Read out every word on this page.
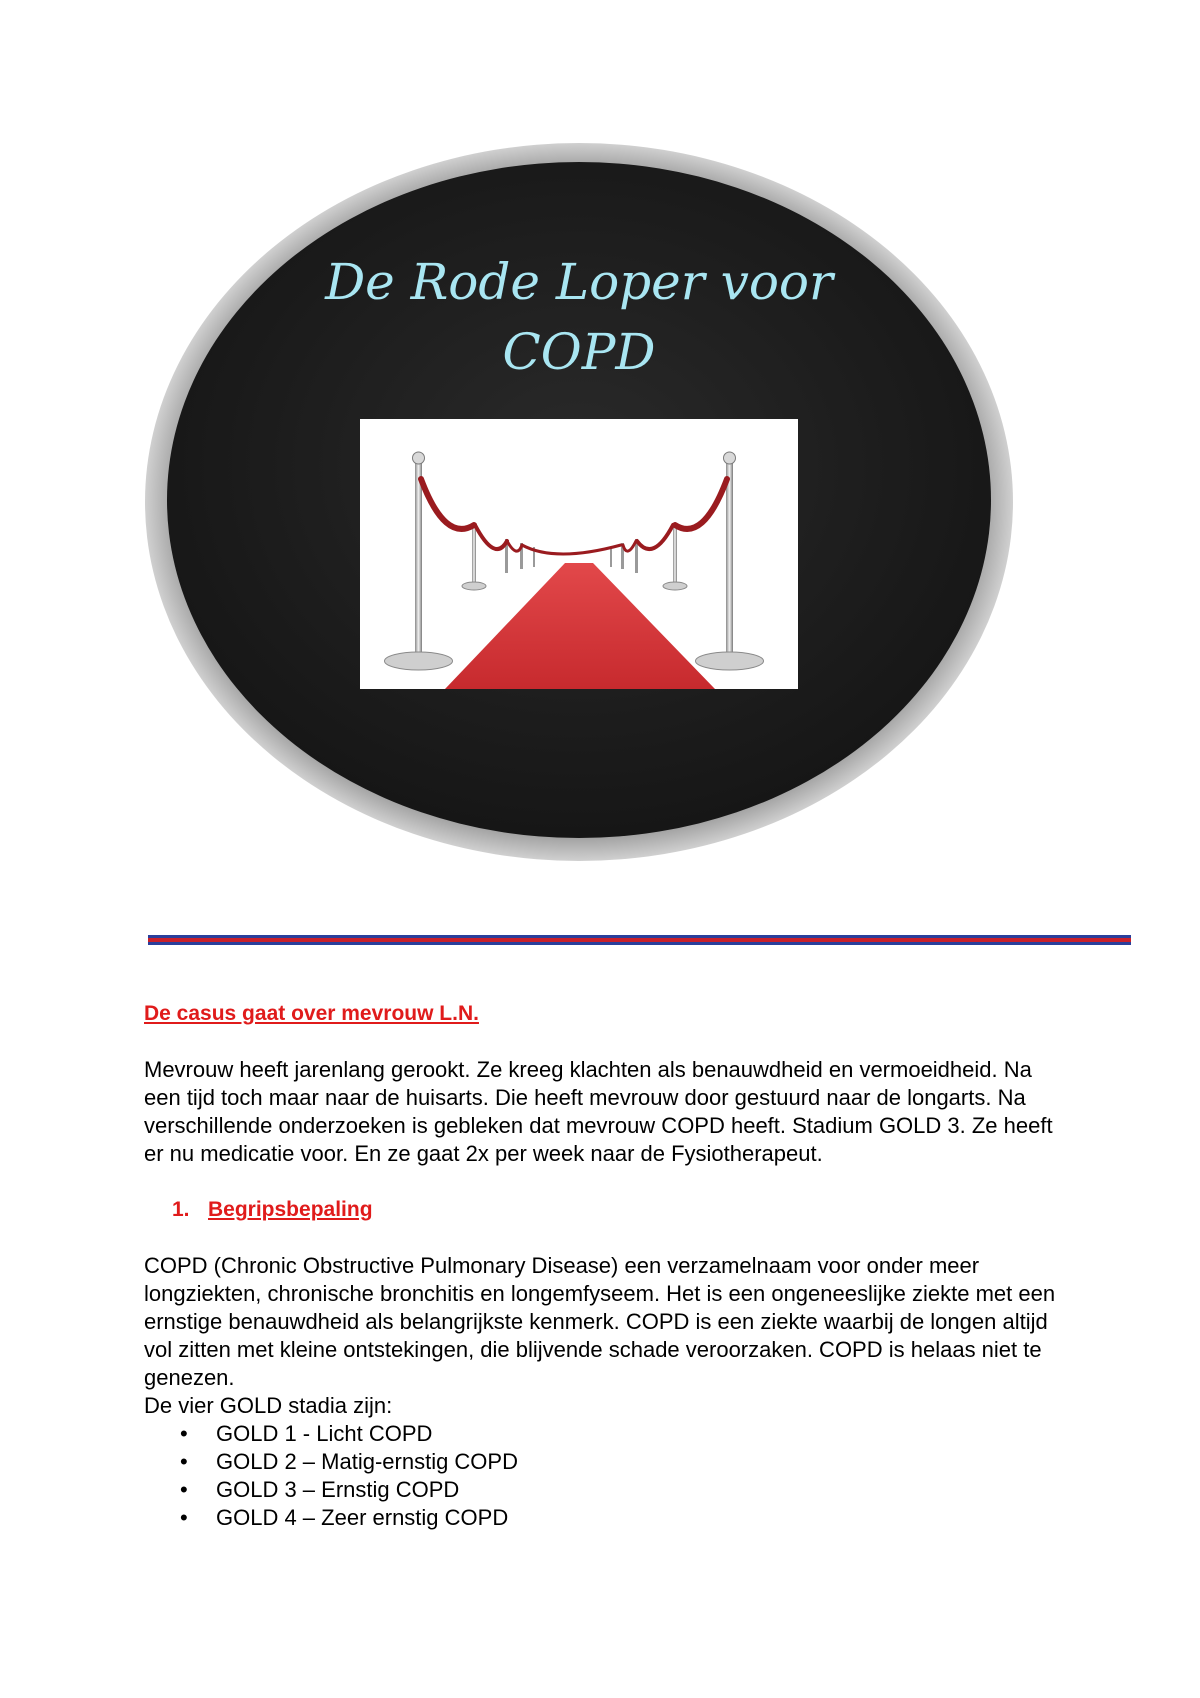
De Rode Loper voor
COPD

De casus gaat over mevrouw L.N.

Mevrouw heeft jarenlang gerookt. Ze kreeg klachten als benauwdheid en vermoeidheid. Na een tijd toch maar naar de huisarts. Die heeft mevrouw door gestuurd naar de longarts. Na verschillende onderzoeken is gebleken dat mevrouw COPD heeft. Stadium GOLD 3. Ze heeft er nu medicatie voor. En ze gaat 2x per week naar de Fysiotherapeut.

1. Begripsbepaling

COPD (Chronic Obstructive Pulmonary Disease) een verzamelnaam voor onder meer longziekten, chronische bronchitis en longemfyseem. Het is een ongeneeslijke ziekte met een ernstige benauwdheid als belangrijkste kenmerk. COPD is een ziekte waarbij de longen altijd vol zitten met kleine ontstekingen, die blijvende schade veroorzaken. COPD is helaas niet te genezen.

De vier GOLD stadia zijn:

• GOLD 1 - Licht COPD
• GOLD 2 – Matig-ernstig COPD
• GOLD 3 – Ernstig COPD
• GOLD 4 – Zeer ernstig COPD
